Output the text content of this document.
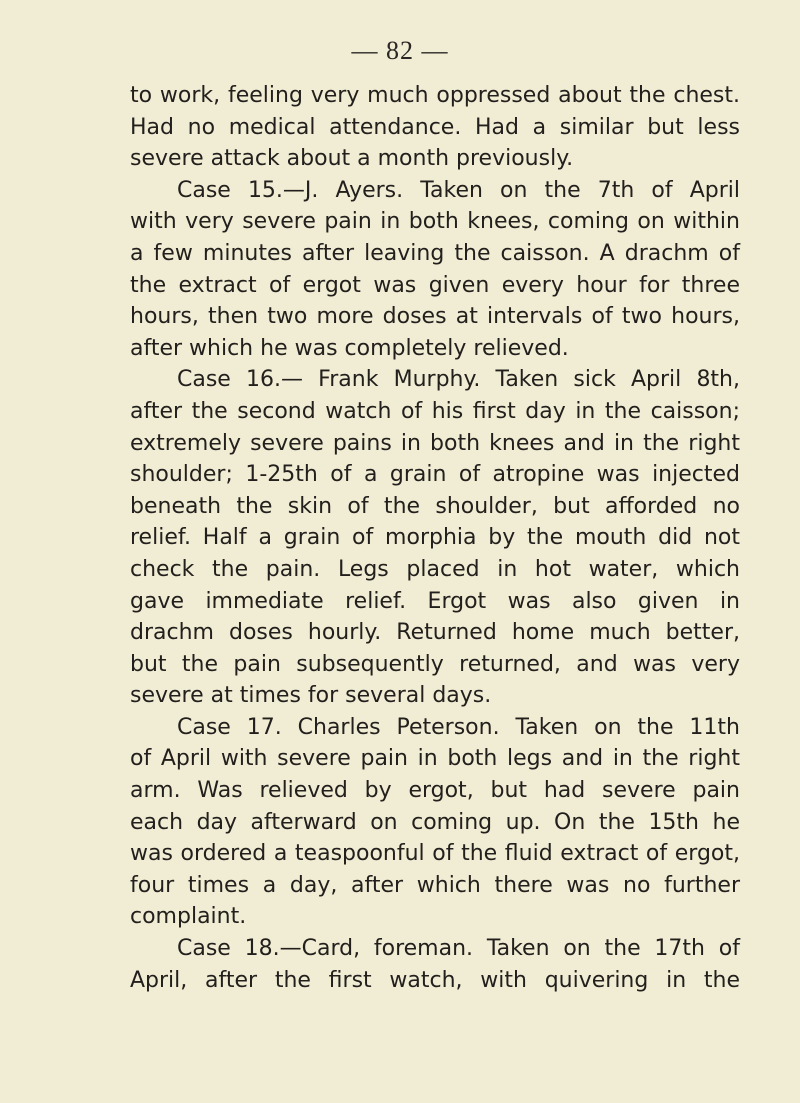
— 82 —
to work, feeling very much oppressed about the chest.
Had no medical attendance. Had a similar but less
severe attack about a month previously.
Case 15.—J. Ayers. Taken on the 7th of April
with very severe pain in both knees, coming on within
a few minutes after leaving the caisson. A drachm of
the extract of ergot was given every hour for three
hours, then two more doses at intervals of two hours,
after which he was completely relieved.
Case 16.— Frank Murphy. Taken sick April 8th,
after the second watch of his first day in the caisson;
extremely severe pains in both knees and in the right
shoulder; 1-25th of a grain of atropine was injected
beneath the skin of the shoulder, but afforded no
relief. Half a grain of morphia by the mouth did not
check the pain. Legs placed in hot water, which
gave immediate relief. Ergot was also given in
drachm doses hourly. Returned home much better,
but the pain subsequently returned, and was very
severe at times for several days.
Case 17. Charles Peterson. Taken on the 11th
of April with severe pain in both legs and in the right
arm. Was relieved by ergot, but had severe pain
each day afterward on coming up. On the 15th he
was ordered a teaspoonful of the fluid extract of ergot,
four times a day, after which there was no further
complaint.
Case 18.—Card, foreman. Taken on the 17th of
April, after the first watch, with quivering in the
